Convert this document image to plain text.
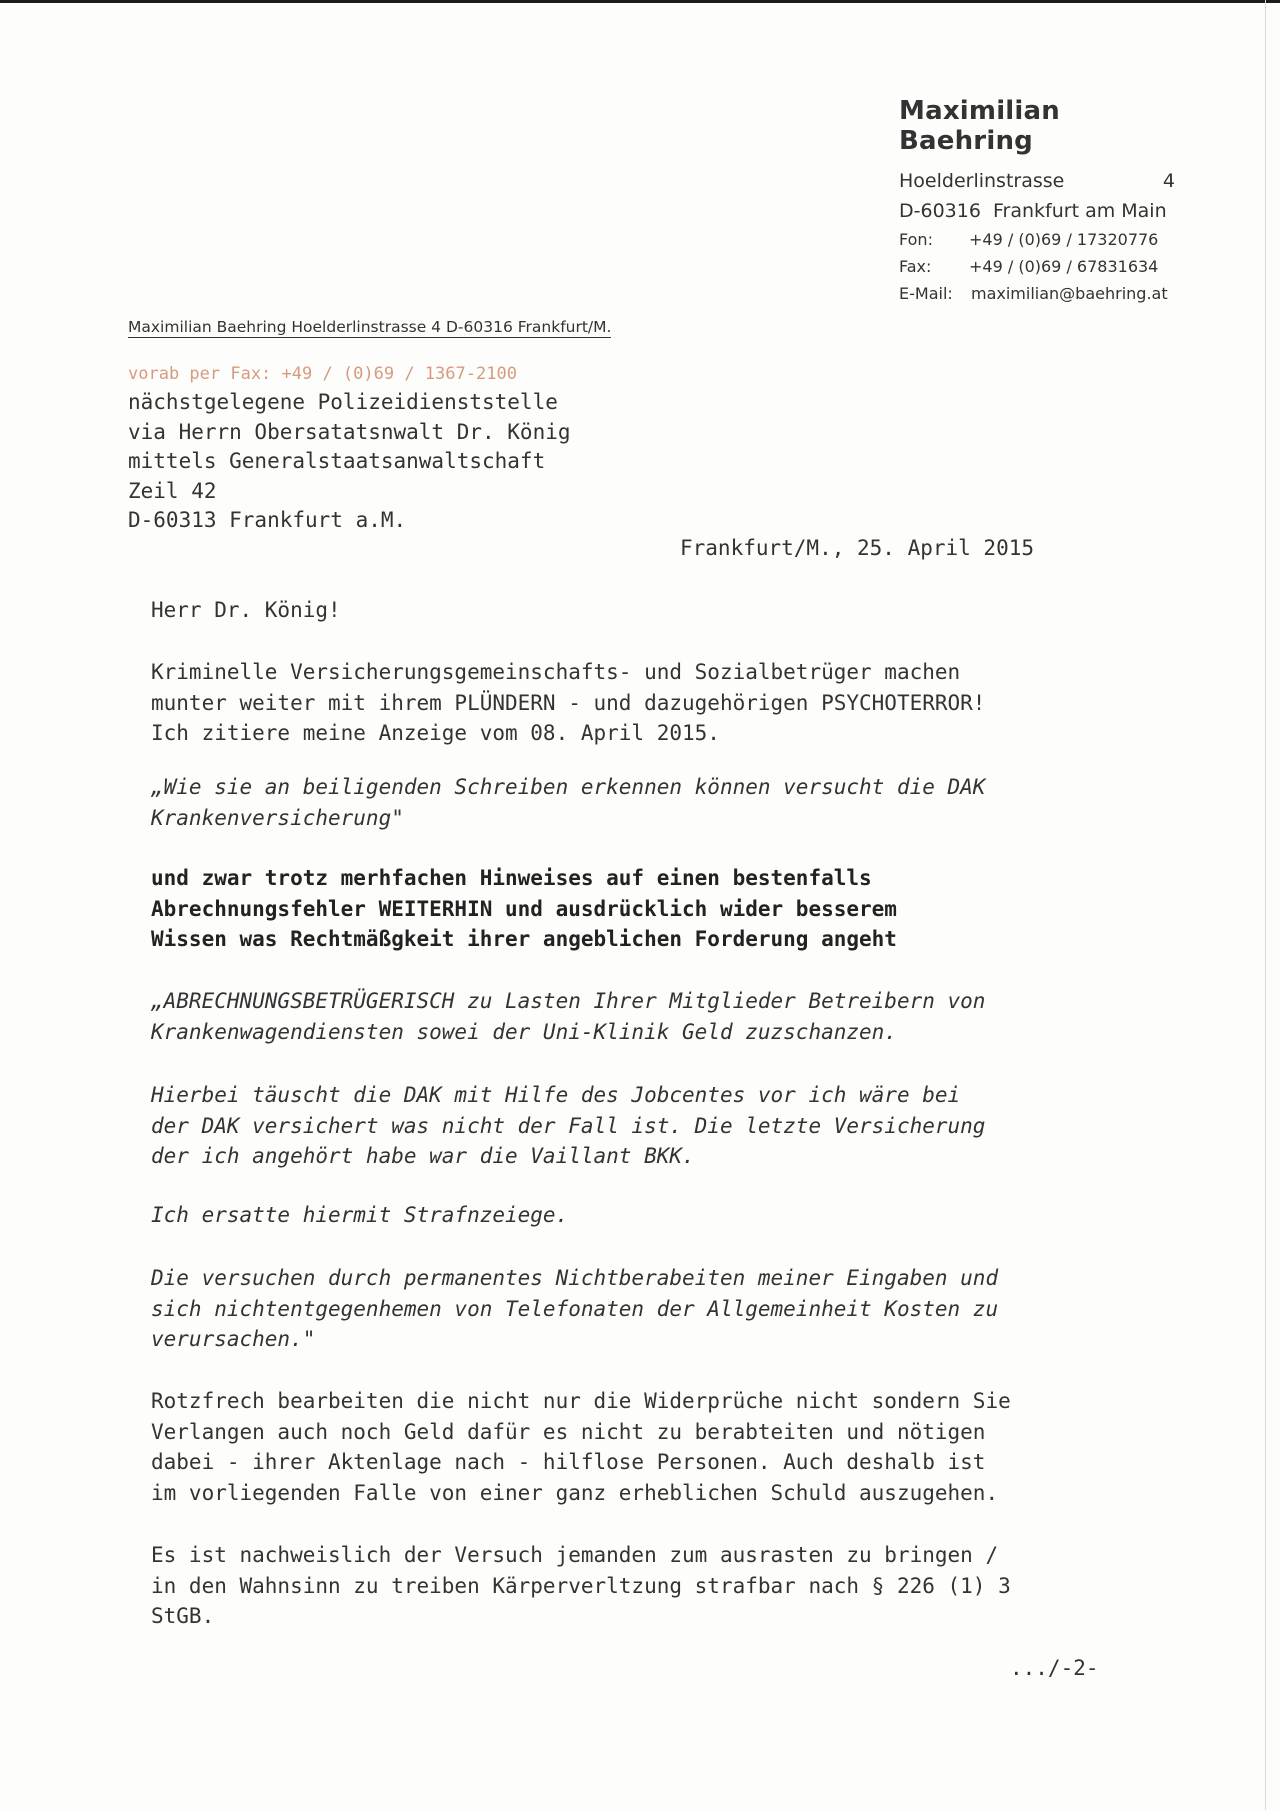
Maximilian Baehring
Hoelderlinstrasse	4
D-60316  Frankfurt am Main
Fon:	+49 / (0)69 / 17320776
Fax:	+49 / (0)69 / 67831634
E-Mail:	maximilian@baehring.at
Maximilian Baehring Hoelderlinstrasse 4 D-60316 Frankfurt/M.
vorab per Fax: +49 / (0)69 / 1367-2100
nächstgelegene Polizeidienststelle
via Herrn Obersatatsnwalt Dr. König
mittels Generalstaatsanwaltschaft
Zeil 42
D-60313 Frankfurt a.M.
Frankfurt/M., 25. April 2015

Herr Dr. König!

Kriminelle Versicherungsgemeinschafts- und Sozialbetrüger machen
munter weiter mit ihrem PLÜNDERN - und dazugehörigen PSYCHOTERROR!
Ich zitiere meine Anzeige vom 08. April 2015.

„Wie sie an beiligenden Schreiben erkennen können versucht die DAK
Krankenversicherung"

und zwar trotz merhfachen Hinweises auf einen bestenfalls
Abrechnungsfehler WEITERHIN und ausdrücklich wider besserem
Wissen was Rechtmäßgkeit ihrer angeblichen Forderung angeht

„ABRECHNUNGSBETRÜGERISCH zu Lasten Ihrer Mitglieder Betreibern von
Krankenwagendiensten sowei der Uni-Klinik Geld zuzschanzen.

Hierbei täuscht die DAK mit Hilfe des Jobcentes vor ich wäre bei
der DAK versichert was nicht der Fall ist. Die letzte Versicherung
der ich angehört habe war die Vaillant BKK.

Ich ersatte hiermit Strafnzeiege.

Die versuchen durch permanentes Nichtberabeiten meiner Eingaben und
sich nichtentgegenhemen von Telefonaten der Allgemeinheit Kosten zu
verursachen."

Rotzfrech bearbeiten die nicht nur die Widerprüche nicht sondern Sie
Verlangen auch noch Geld dafür es nicht zu berabteiten und nötigen
dabei - ihrer Aktenlage nach - hilflose Personen. Auch deshalb ist
im vorliegenden Falle von einer ganz erheblichen Schuld auszugehen.

Es ist nachweislich der Versuch jemanden zum ausrasten zu bringen /
in den Wahnsinn zu treiben Kärperverltzung strafbar nach § 226 (1) 3
StGB.

.../-2-
